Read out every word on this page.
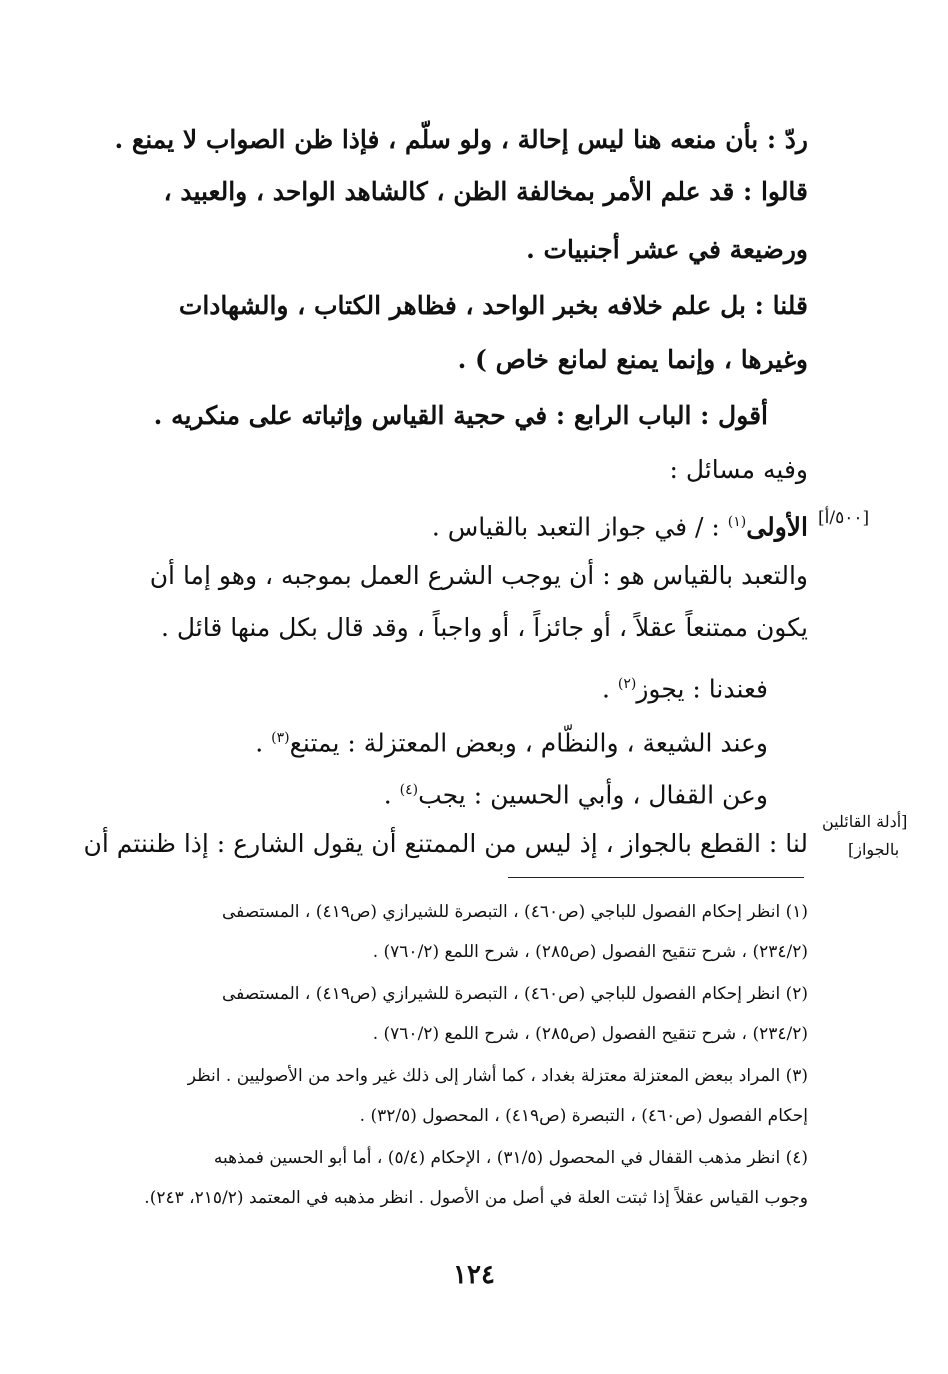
ردّ : بأن منعه هنا ليس إحالة ، ولو سلّم ، فإذا ظن الصواب لا يمنع .
قالوا : قد علم الأمر بمخالفة الظن ، كالشاهد الواحد ، والعبيد ،
ورضيعة في عشر أجنبيات .
قلنا : بل علم خلافه بخبر الواحد ، فظاهر الكتاب ، والشهادات
وغيرها ، وإنما يمنع لمانع خاص ) .
أقول : الباب الرابع : في حجية القياس وإثباته على منكريه .
وفيه مسائل :
الأولى$^{(١)}$ : / في جواز التعبد بالقياس .
والتعبد بالقياس هو : أن يوجب الشرع العمل بموجبه ، وهو إما أن
يكون ممتنعاً عقلاً ، أو جائزاً ، أو واجباً ، وقد قال بكل منها قائل .
فعندنا : يجوز$^{(٢)}$ .
وعند الشيعة ، والنظّام ، وبعض المعتزلة : يمتنع$^{(٣)}$ .
وعن القفال ، وأبي الحسين : يجب$^{(٤)}$ .
لنا : القطع بالجواز ، إذ ليس من الممتنع أن يقول الشارع : إذا ظننتم أن
[٥٠٠/أ]
[أدلة القائلين
بالجواز]
(١) انظر إحكام الفصول للباجي (ص٤٦٠) ، التبصرة للشيرازي (ص٤١٩) ، المستصفى
(٢٣٤/٢) ، شرح تنقيح الفصول (ص٢٨٥) ، شرح اللمع (٧٦٠/٢) .
(٢) انظر إحكام الفصول للباجي (ص٤٦٠) ، التبصرة للشيرازي (ص٤١٩) ، المستصفى
(٢٣٤/٢) ، شرح تنقيح الفصول (ص٢٨٥) ، شرح اللمع (٧٦٠/٢) .
(٣) المراد ببعض المعتزلة معتزلة بغداد ، كما أشار إلى ذلك غير واحد من الأصوليين . انظر
إحكام الفصول (ص٤٦٠) ، التبصرة (ص٤١٩) ، المحصول (٣٢/٥) .
(٤) انظر مذهب القفال في المحصول (٣١/٥) ، الإحكام (٥/٤) ، أما أبو الحسين فمذهبه
وجوب القياس عقلاً إذا ثبتت العلة في أصل من الأصول . انظر مذهبه في المعتمد (٢١٥/٢، ٢٤٣).
١٢٤
